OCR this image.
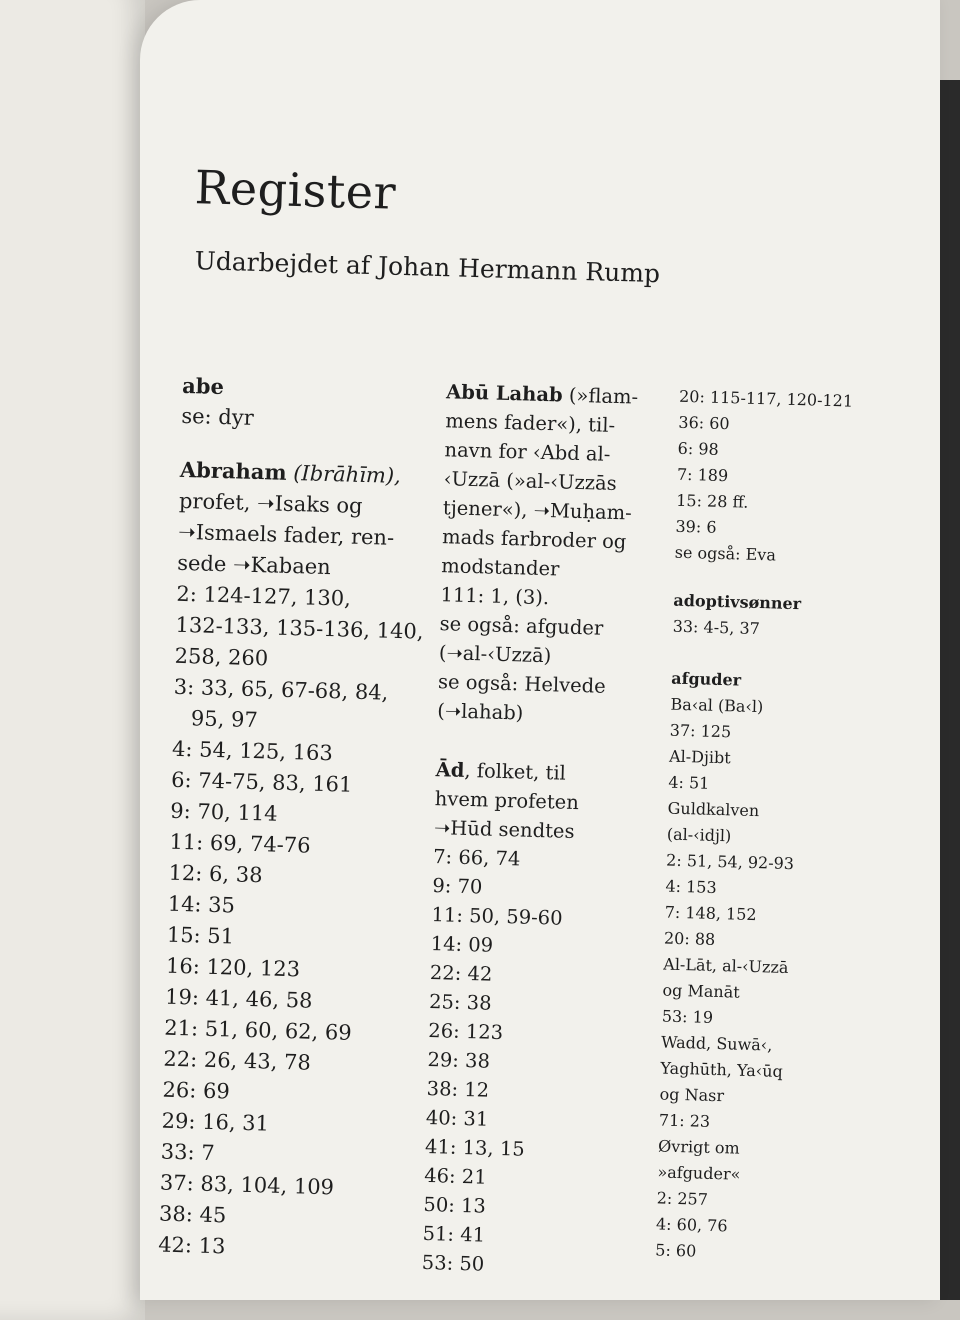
Register
Udarbejdet af Johan Hermann Rump
abe
se: dyr
Abraham (Ibrāhīm),
profet, ➝Isaks og
➝Ismaels fader, ren-
sede ➝Kabaen
2: 124-127, 130,
132-133, 135-136, 140,
258, 260
3: 33, 65, 67-68, 84,
95, 97
4: 54, 125, 163
6: 74-75, 83, 161
9: 70, 114
11: 69, 74-76
12: 6, 38
14: 35
15: 51
16: 120, 123
19: 41, 46, 58
21: 51, 60, 62, 69
22: 26, 43, 78
26: 69
29: 16, 31
33: 7
37: 83, 104, 109
38: 45
42: 13
Abū Lahab (»flam-
mens fader«), til-
navn for ‹Abd al-
‹Uzzā (»al-‹Uzzās
tjener«), ➝Muḥam-
mads farbroder og
modstander
111: 1, (3).
se også: afguder
(➝al-‹Uzzā)
se også: Helvede
(➝lahab)
Ād, folket, til
hvem profeten
➝Hūd sendtes
7: 66, 74
9: 70
11: 50, 59-60
14: 09
22: 42
25: 38
26: 123
29: 38
38: 12
40: 31
41: 13, 15
46: 21
50: 13
51: 41
53: 50
20: 115-117, 120-121
36: 60
6: 98
7: 189
15: 28 ff.
39: 6
se også: Eva
adoptivsønner
33: 4-5, 37
afguder
Ba‹al (Ba‹l)
37: 125
Al-Djibt
4: 51
Guldkalven
(al-‹idjl)
2: 51, 54, 92-93
4: 153
7: 148, 152
20: 88
Al-Lāt, al-‹Uzzā
og Manāt
53: 19
Wadd, Suwā‹,
Yaghūth, Ya‹ūq
og Nasr
71: 23
Øvrigt om
»afguder«
2: 257
4: 60, 76
5: 60
